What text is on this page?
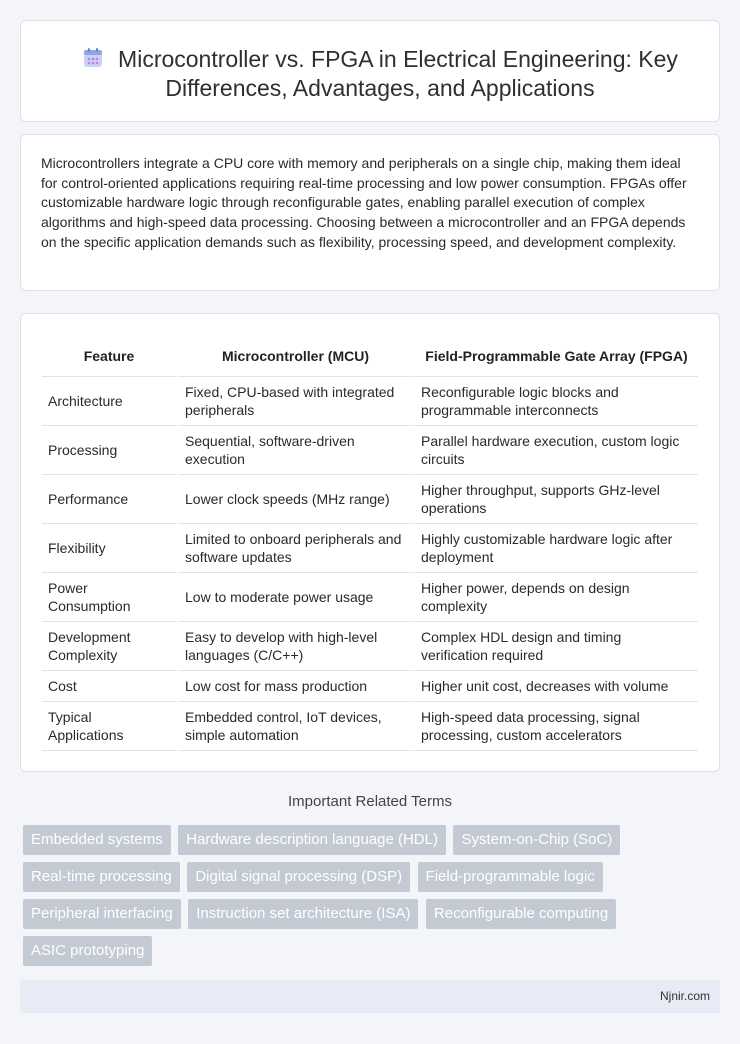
Microcontroller vs. FPGA in Electrical Engineering: Key Differences, Advantages, and Applications

Microcontrollers integrate a CPU core with memory and peripherals on a single chip, making them ideal for control-oriented applications requiring real-time processing and low power consumption. FPGAs offer customizable hardware logic through reconfigurable gates, enabling parallel execution of complex algorithms and high-speed data processing. Choosing between a microcontroller and an FPGA depends on the specific application demands such as flexibility, processing speed, and development complexity.

Feature	Microcontroller (MCU)	Field-Programmable Gate Array (FPGA)
Architecture	Fixed, CPU-based with integrated peripherals	Reconfigurable logic blocks and programmable interconnects
Processing	Sequential, software-driven execution	Parallel hardware execution, custom logic circuits
Performance	Lower clock speeds (MHz range)	Higher throughput, supports GHz-level operations
Flexibility	Limited to onboard peripherals and software updates	Highly customizable hardware logic after deployment
Power Consumption	Low to moderate power usage	Higher power, depends on design complexity
Development Complexity	Easy to develop with high-level languages (C/C++)	Complex HDL design and timing verification required
Cost	Low cost for mass production	Higher unit cost, decreases with volume
Typical Applications	Embedded control, IoT devices, simple automation	High-speed data processing, signal processing, custom accelerators
Important Related Terms
Embedded systems Hardware description language (HDL) System-on-Chip (SoC) Real-time processing Digital signal processing (DSP) Field-programmable logic Peripheral interfacing Instruction set architecture (ISA) Reconfigurable computing ASIC prototyping
Njnir.com
